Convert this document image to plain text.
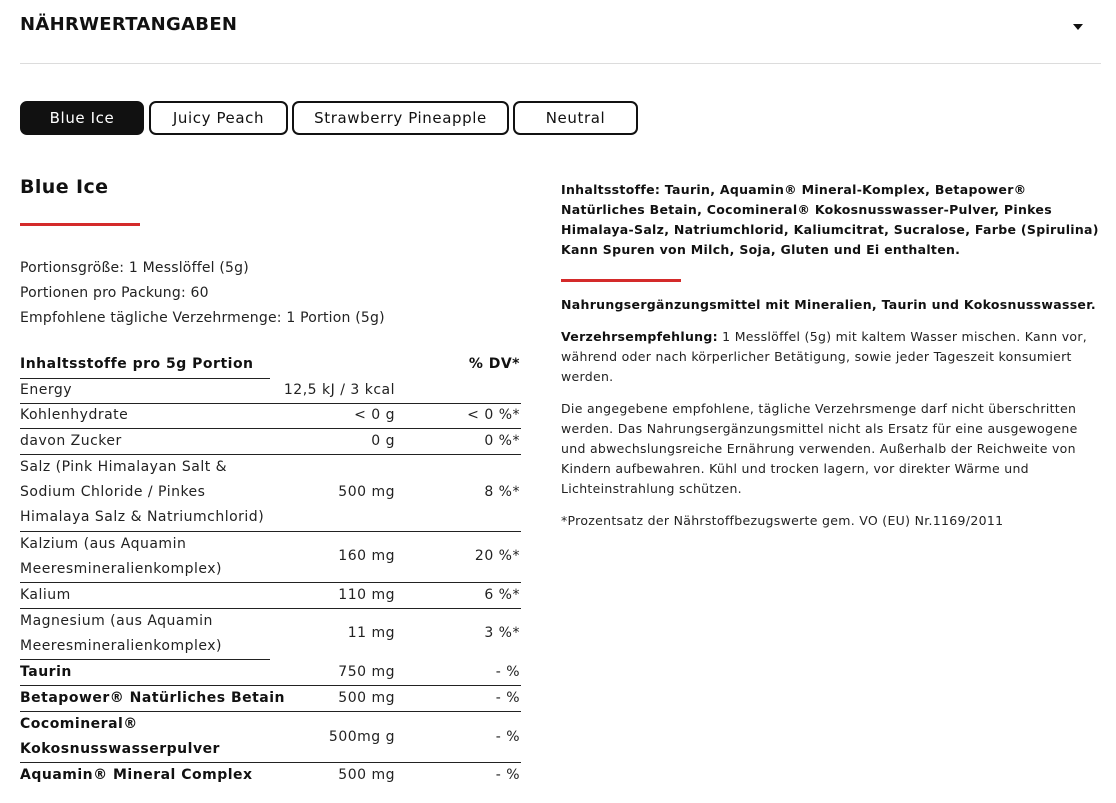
NÄHRWERTANGABEN
Blue Ice	Juicy Peach	Strawberry Pineapple	Neutral
Blue Ice
Portionsgröße: 1 Messlöffel (5g)
Portionen pro Packung: 60
Empfohlene tägliche Verzehrmenge: 1 Portion (5g)
Inhaltsstoffe pro 5g Portion	% DV*
Energy	12,5 kJ / 3 kcal
Kohlenhydrate	< 0 g	< 0 %*
davon Zucker	0 g	0 %*
Salz (Pink Himalayan Salt &
Sodium Chloride / Pinkes
Himalaya Salz & Natriumchlorid)
500 mg	8 %*
Kalzium (aus Aquamin
Meeresmineralienkomplex)
160 mg	20 %*
Kalium	110 mg	6 %*
Magnesium (aus Aquamin
Meeresmineralienkomplex)
11 mg	3 %*
Taurin	750 mg	- %
Betapower® Natürliches Betain	500 mg	- %
Cocomineral®
Kokosnusswasserpulver
500mg g	- %
Aquamin® Mineral Complex	500 mg	- %
Inhaltsstoffe: Taurin, Aquamin® Mineral-Komplex, Betapower® Natürliches Betain, Cocomineral® Kokosnusswasser-Pulver, Pinkes Himalaya-Salz, Natriumchlorid, Kaliumcitrat, Sucralose, Farbe (Spirulina) Kann Spuren von Milch, Soja, Gluten und Ei enthalten.
Nahrungsergänzungsmittel mit Mineralien, Taurin und Kokosnusswasser.
Verzehrsempfehlung: 1 Messlöffel (5g) mit kaltem Wasser mischen. Kann vor, während oder nach körperlicher Betätigung, sowie jeder Tageszeit konsumiert werden.
Die angegebene empfohlene, tägliche Verzehrsmenge darf nicht überschritten werden. Das Nahrungsergänzungsmittel nicht als Ersatz für eine ausgewogene und abwechslungsreiche Ernährung verwenden. Außerhalb der Reichweite von Kindern aufbewahren. Kühl und trocken lagern, vor direkter Wärme und Lichteinstrahlung schützen.
*Prozentsatz der Nährstoffbezugswerte gem. VO (EU) Nr.1169/2011
